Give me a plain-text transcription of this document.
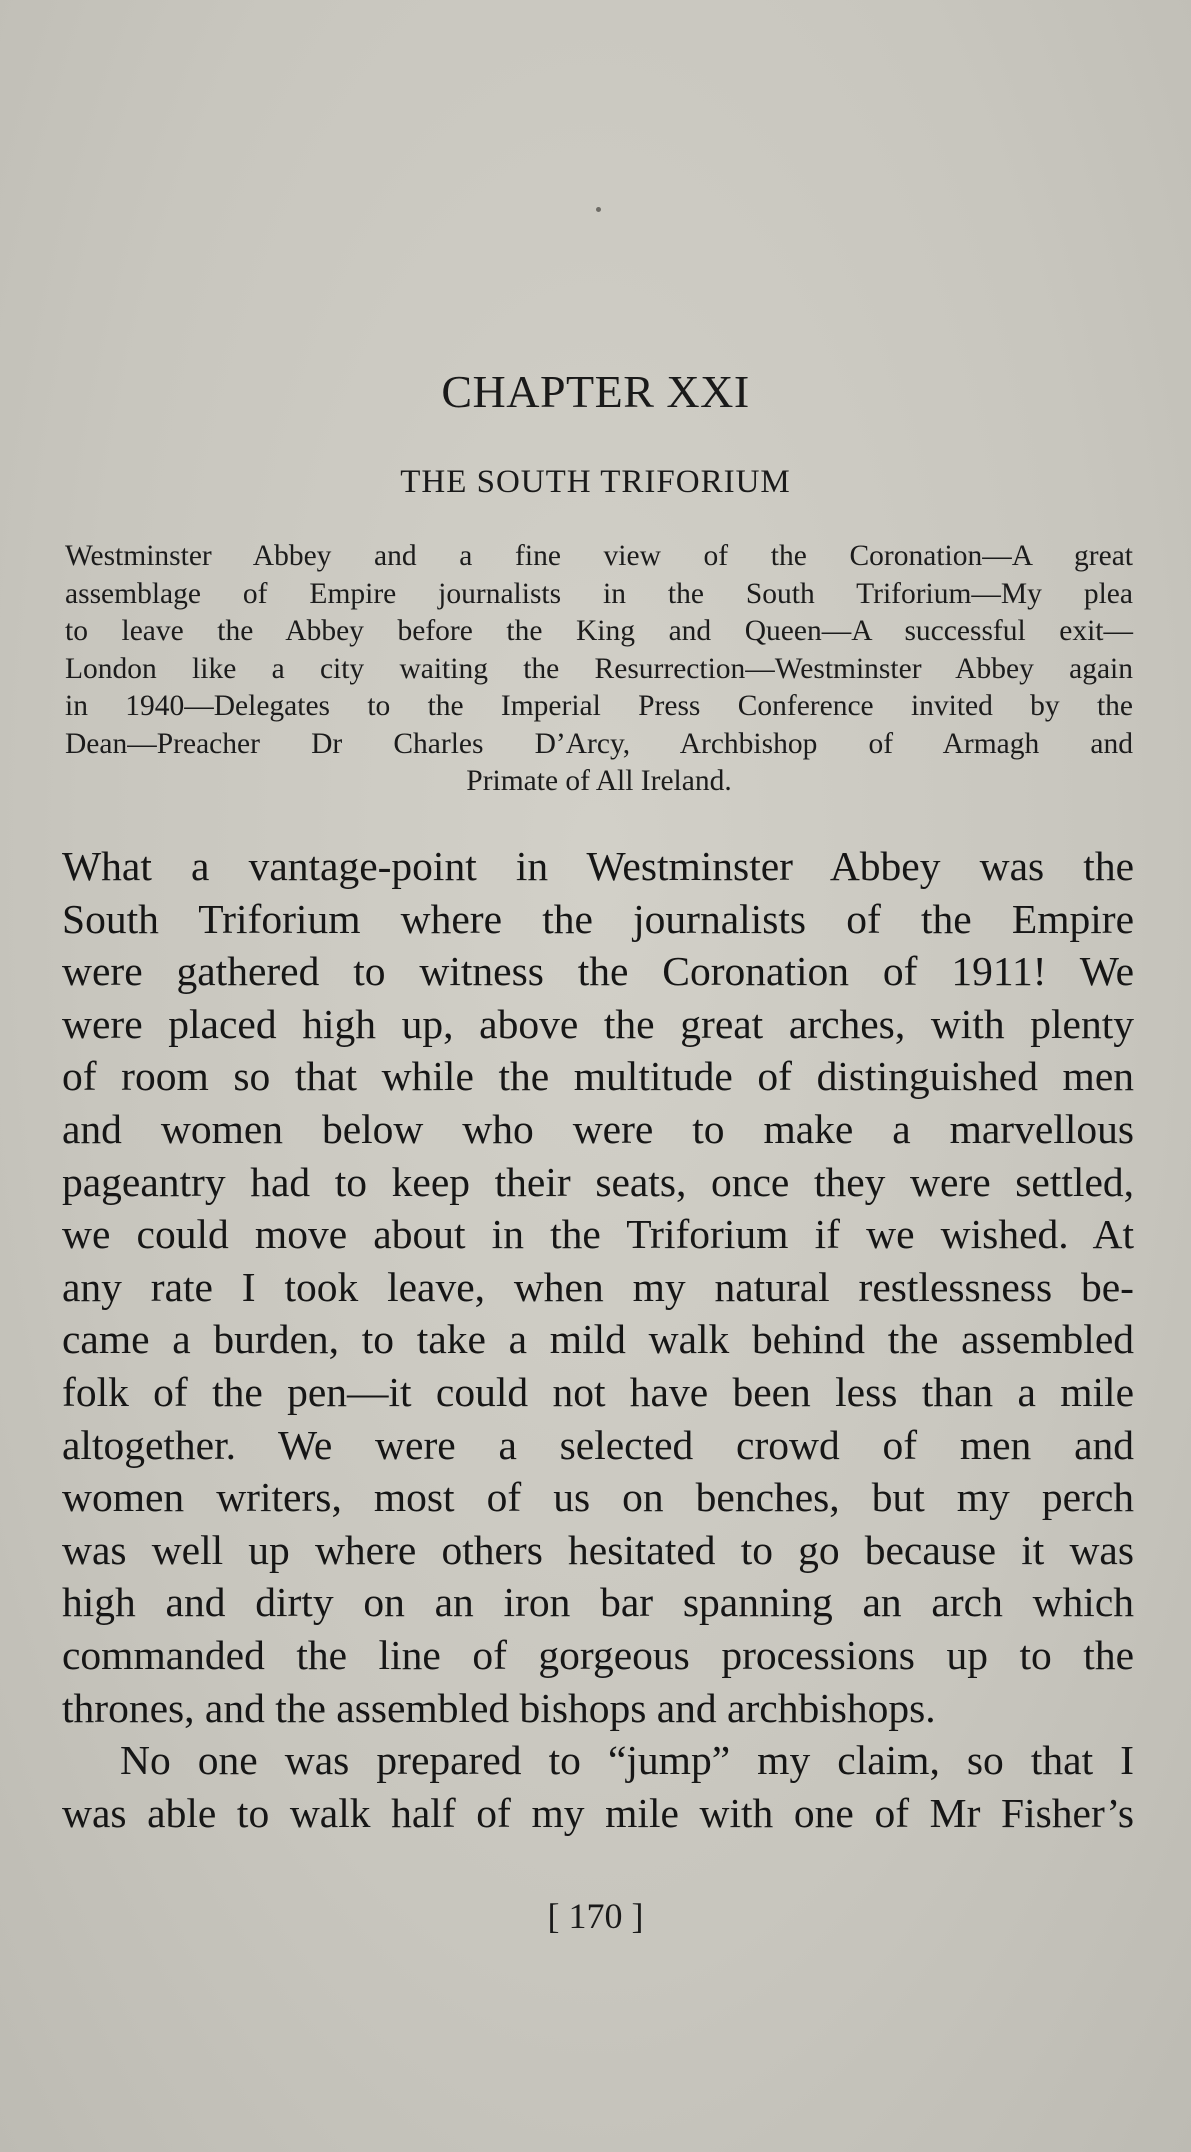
CHAPTER XXI
THE SOUTH TRIFORIUM
Westminster Abbey and a fine view of the Coronation—A great
assemblage of Empire journalists in the South Triforium—My plea
to leave the Abbey before the King and Queen—A successful exit—
London like a city waiting the Resurrection—Westminster Abbey again
in 1940—Delegates to the Imperial Press Conference invited by the
Dean—Preacher Dr Charles D’Arcy, Archbishop of Armagh and
Primate of All Ireland.
What a vantage-point in Westminster Abbey was the
South Triforium where the journalists of the Empire
were gathered to witness the Coronation of 1911! We
were placed high up, above the great arches, with plenty
of room so that while the multitude of distinguished men
and women below who were to make a marvellous
pageantry had to keep their seats, once they were settled,
we could move about in the Triforium if we wished. At
any rate I took leave, when my natural restlessness be-
came a burden, to take a mild walk behind the assembled
folk of the pen—it could not have been less than a mile
altogether. We were a selected crowd of men and
women writers, most of us on benches, but my perch
was well up where others hesitated to go because it was
high and dirty on an iron bar spanning an arch which
commanded the line of gorgeous processions up to the
thrones, and the assembled bishops and archbishops.
No one was prepared to “jump” my claim, so that I
was able to walk half of my mile with one of Mr Fisher’s
[ 170 ]
